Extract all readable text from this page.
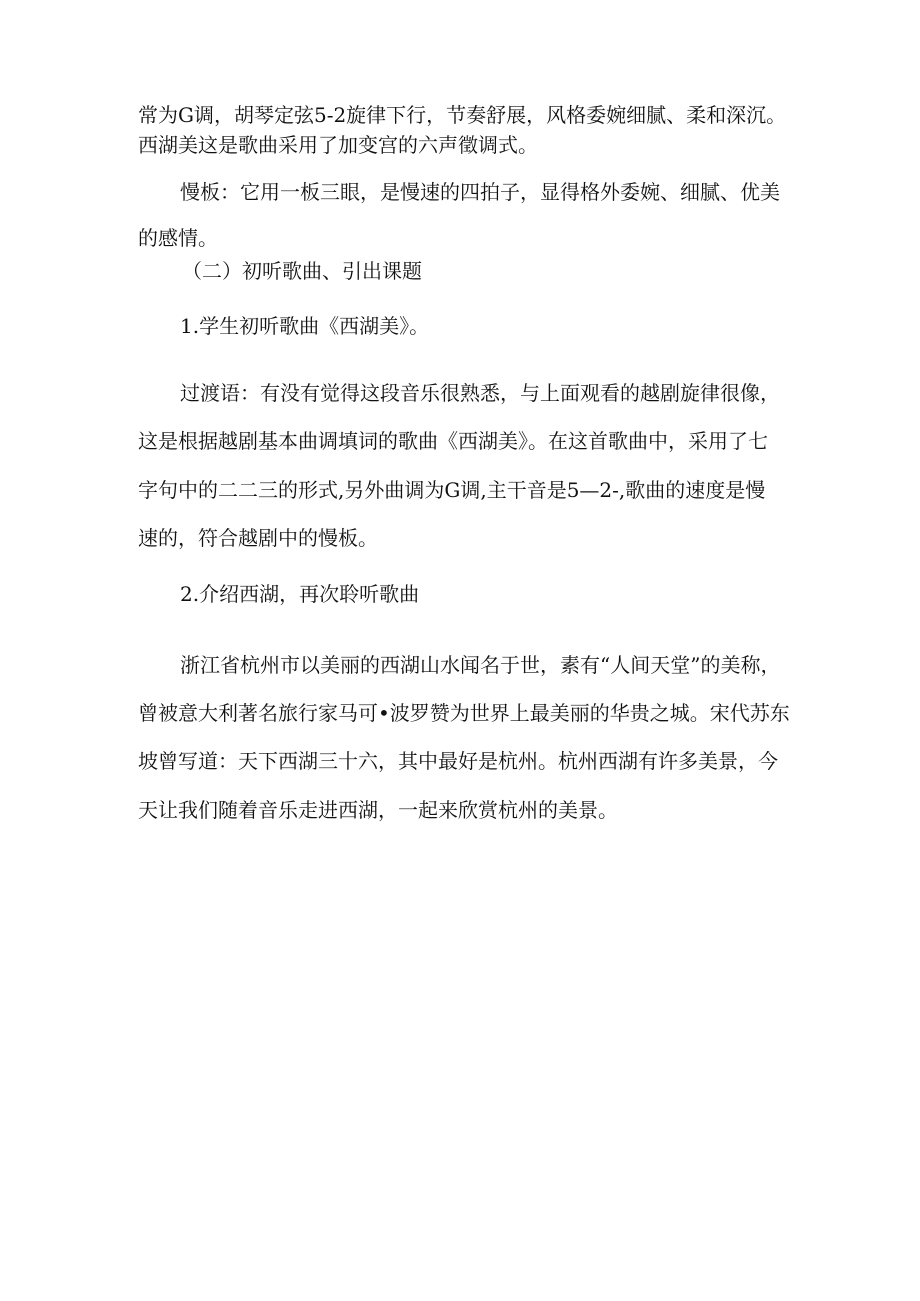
常为G调，胡琴定弦5-2旋律下行，节奏舒展，风格委婉细腻、柔和深沉。
西湖美这是歌曲采用了加变宫的六声徵调式。
慢板：它用一板三眼，是慢速的四拍子，显得格外委婉、细腻、优美
的感情。
（二）初听歌曲、引出课题
1.学生初听歌曲《西湖美》。
过渡语：有没有觉得这段音乐很熟悉，与上面观看的越剧旋律很像，
这是根据越剧基本曲调填词的歌曲《西湖美》。在这首歌曲中，采用了七
字句中的二二三的形式,另外曲调为G调,主干音是5—2-,歌曲的速度是慢
速的，符合越剧中的慢板。
2.介绍西湖，再次聆听歌曲
浙江省杭州市以美丽的西湖山水闻名于世，素有“人间天堂”的美称，
曾被意大利著名旅行家马可•波罗赞为世界上最美丽的华贵之城。宋代苏东
坡曾写道：天下西湖三十六，其中最好是杭州。杭州西湖有许多美景，今
天让我们随着音乐走进西湖，一起来欣赏杭州的美景。
